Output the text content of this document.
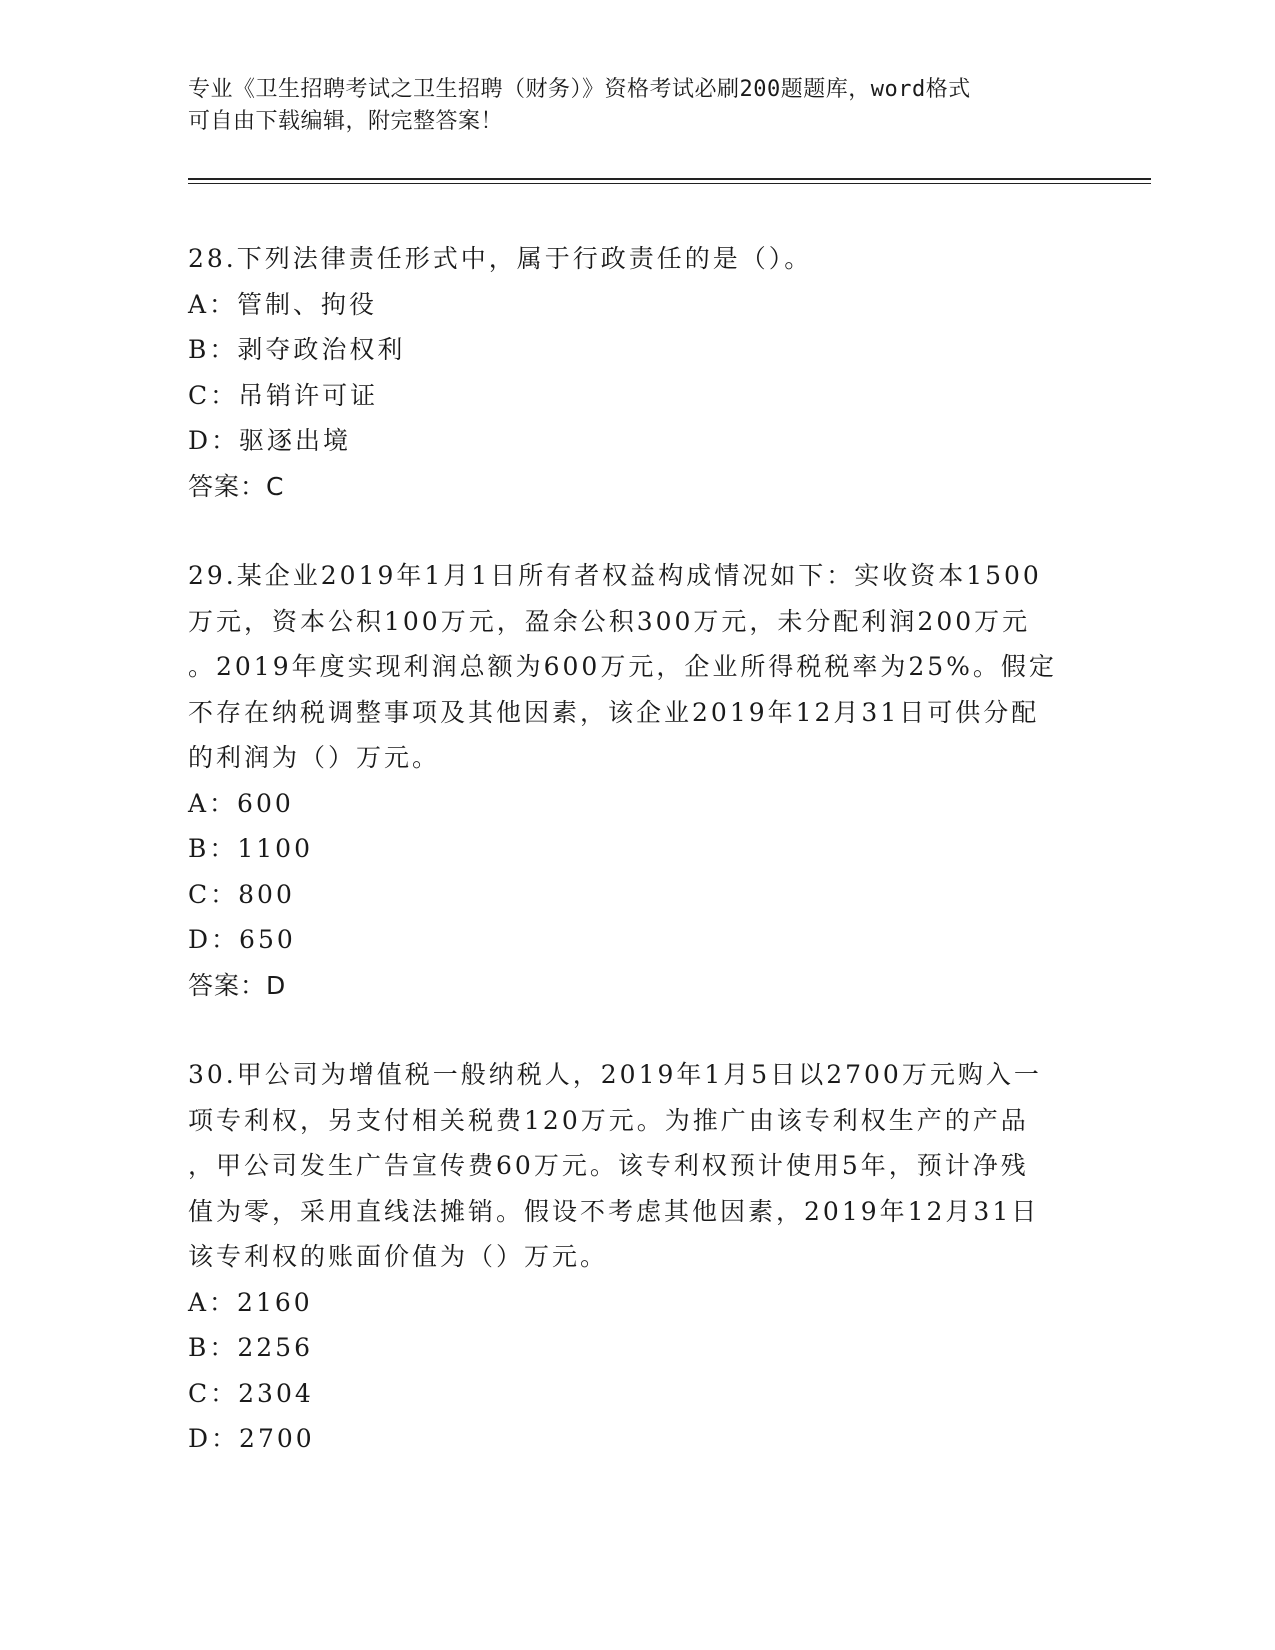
专业《卫生招聘考试之卫生招聘（财务）》资格考试必刷200题题库，word格式
可自由下载编辑，附完整答案！

28.下列法律责任形式中，属于行政责任的是（）。

A：管制、拘役

B：剥夺政治权利

C：吊销许可证

D：驱逐出境

答案：C

29.某企业2019年1月1日所有者权益构成情况如下：实收资本1500

万元，资本公积100万元，盈余公积300万元，未分配利润200万元

。2019年度实现利润总额为600万元，企业所得税税率为25%。假定

不存在纳税调整事项及其他因素，该企业2019年12月31日可供分配

的利润为（）万元。

A：600

B：1100

C：800

D：650

答案：D

30.甲公司为增值税一般纳税人，2019年1月5日以2700万元购入一

项专利权，另支付相关税费120万元。为推广由该专利权生产的产品

，甲公司发生广告宣传费60万元。该专利权预计使用5年，预计净残

值为零，采用直线法摊销。假设不考虑其他因素，2019年12月31日

该专利权的账面价值为（）万元。

A：2160

B：2256

C：2304

D：2700
